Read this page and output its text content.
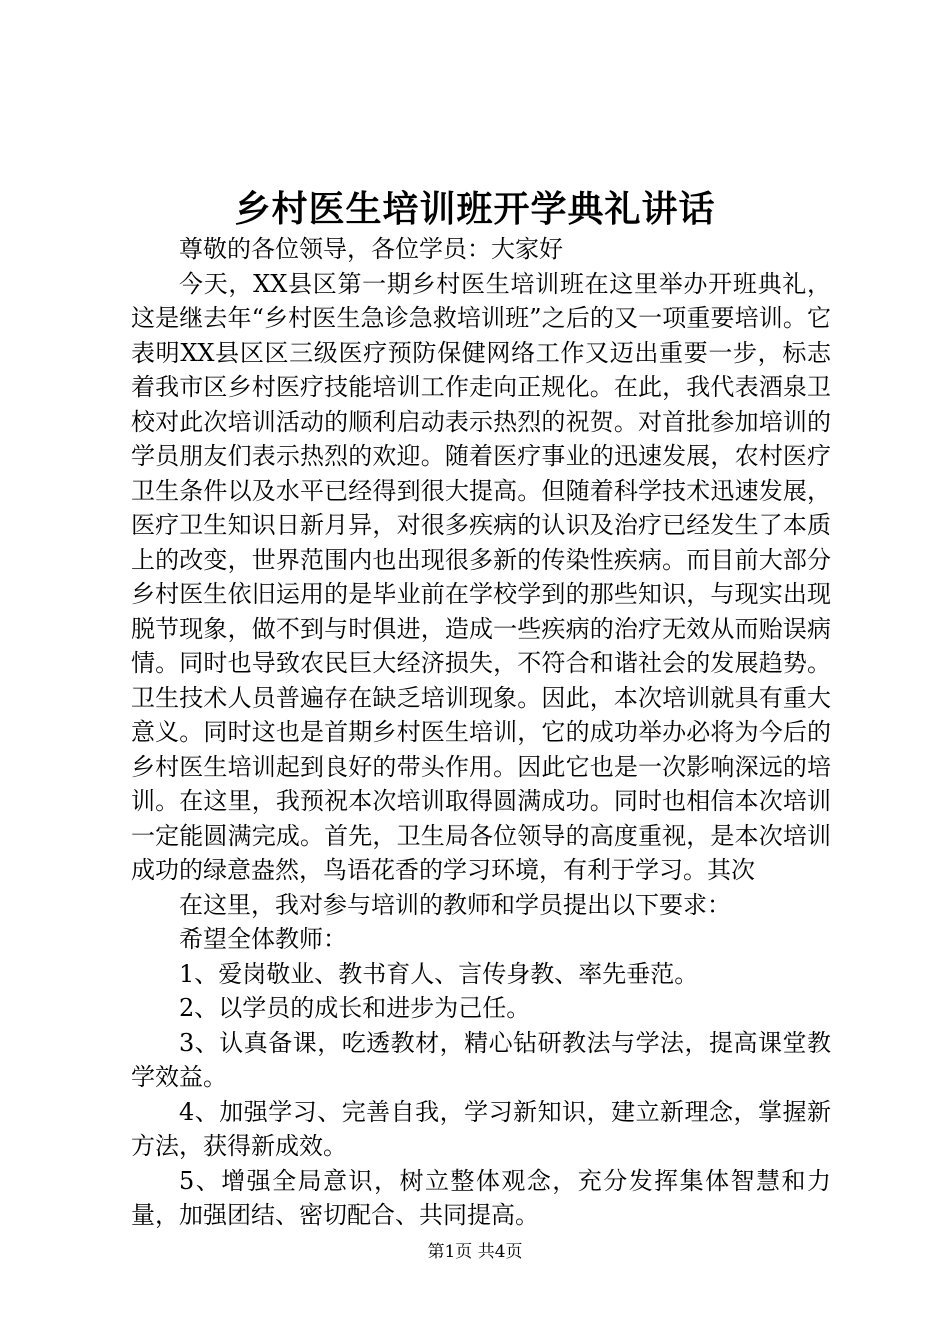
乡村医生培训班开学典礼讲话

尊敬的各位领导，各位学员：大家好

今天，XX县区第一期乡村医生培训班在这里举办开班典礼，这是继去年“乡村医生急诊急救培训班”之后的又一项重要培训。它表明XX县区区三级医疗预防保健网络工作又迈出重要一步，标志着我市区乡村医疗技能培训工作走向正规化。在此，我代表酒泉卫校对此次培训活动的顺利启动表示热烈的祝贺。对首批参加培训的学员朋友们表示热烈的欢迎。随着医疗事业的迅速发展，农村医疗卫生条件以及水平已经得到很大提高。但随着科学技术迅速发展，医疗卫生知识日新月异，对很多疾病的认识及治疗已经发生了本质上的改变，世界范围内也出现很多新的传染性疾病。而目前大部分乡村医生依旧运用的是毕业前在学校学到的那些知识，与现实出现脱节现象，做不到与时俱进，造成一些疾病的治疗无效从而贻误病情。同时也导致农民巨大经济损失，不符合和谐社会的发展趋势。卫生技术人员普遍存在缺乏培训现象。因此，本次培训就具有重大意义。同时这也是首期乡村医生培训，它的成功举办必将为今后的乡村医生培训起到良好的带头作用。因此它也是一次影响深远的培训。在这里，我预祝本次培训取得圆满成功。同时也相信本次培训一定能圆满完成。首先，卫生局各位领导的高度重视，是本次培训成功的绿意盎然，鸟语花香的学习环境，有利于学习。其次

在这里，我对参与培训的教师和学员提出以下要求：

希望全体教师：

1、爱岗敬业、教书育人、言传身教、率先垂范。

2、以学员的成长和进步为己任。

3、认真备课，吃透教材，精心钻研教法与学法，提高课堂教学效益。

4、加强学习、完善自我，学习新知识，建立新理念，掌握新方法，获得新成效。

5、增强全局意识，树立整体观念，充分发挥集体智慧和力量，加强团结、密切配合、共同提高。

第1页 共4页
